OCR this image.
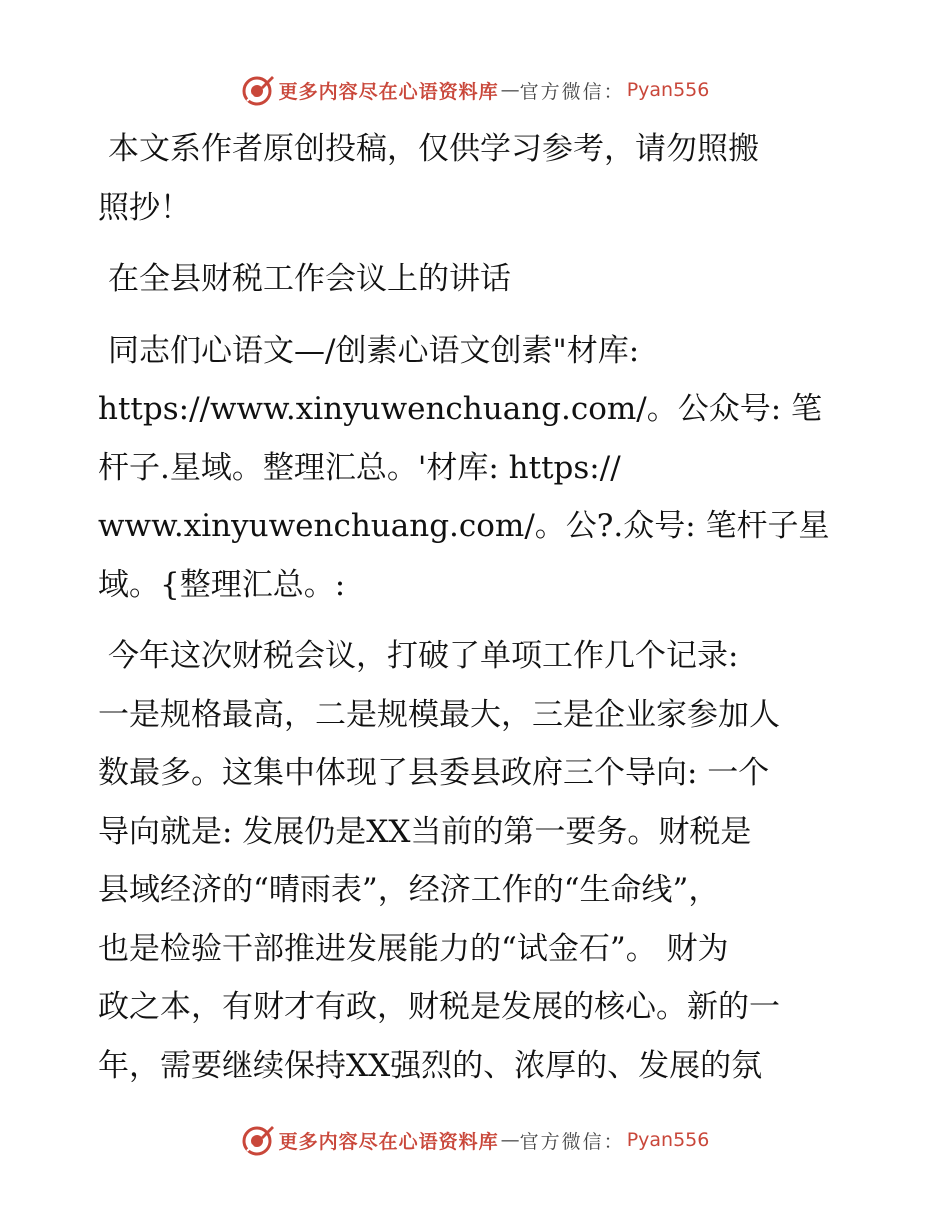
更多内容尽在心语资料库 — 官方微信： Pyan556
本文系作者原创投稿，仅供学习参考，请勿照搬
照抄！
在全县财税工作会议上的讲话
同志们心语文—/创素心语文创素"材库:
https://www.xinyuwenchuang.com/。公众号: 笔
杆子.星域。整理汇总。'材库: https://
www.xinyuwenchuang.com/。公?.众号: 笔杆子星
域。{整理汇总。:
今年这次财税会议，打破了单项工作几个记录:
一是规格最高，二是规模最大，三是企业家参加人
数最多。这集中体现了县委县政府三个导向: 一个
导向就是: 发展仍是XX当前的第一要务。财税是
县域经济的“晴雨表”，经济工作的“生命线”，
也是检验干部推进发展能力的“试金石”。 财为
政之本，有财才有政，财税是发展的核心。新的一
年，需要继续保持XX强烈的、浓厚的、发展的氛
更多内容尽在心语资料库 — 官方微信： Pyan556
